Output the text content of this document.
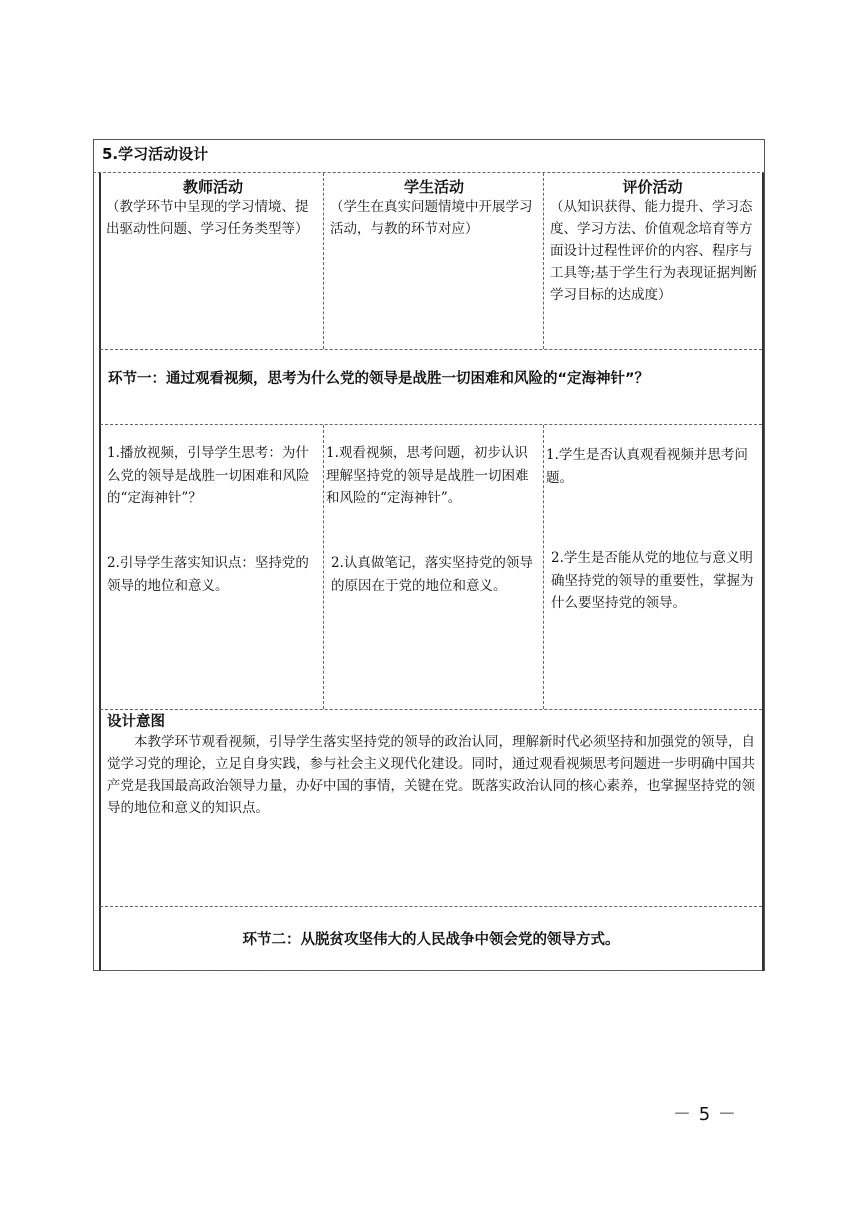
5.学习活动设计
教师活动
（教学环节中呈现的学习情境、提出驱动性问题、学习任务类型等）
学生活动
（学生在真实问题情境中开展学习活动，与教的环节对应）
评价活动
（从知识获得、能力提升、学习态度、学习方法、价值观念培育等方面设计过程性评价的内容、程序与工具等;基于学生行为表现证据判断学习目标的达成度）
环节一：通过观看视频，思考为什么党的领导是战胜一切困难和风险的“定海神针”？
1.播放视频，引导学生思考：为什么党的领导是战胜一切困难和风险的“定海神针”？
2.引导学生落实知识点：坚持党的领导的地位和意义。
1.观看视频，思考问题，初步认识理解坚持党的领导是战胜一切困难和风险的“定海神针”。
2.认真做笔记，落实坚持党的领导的原因在于党的地位和意义。
1.学生是否认真观看视频并思考问题。
2.学生是否能从党的地位与意义明确坚持党的领导的重要性，掌握为什么要坚持党的领导。
设计意图
本教学环节观看视频，引导学生落实坚持党的领导的政治认同，理解新时代必须坚持和加强党的领导，自觉学习党的理论，立足自身实践，参与社会主义现代化建设。同时，通过观看视频思考问题进一步明确中国共产党是我国最高政治领导力量，办好中国的事情，关键在党。既落实政治认同的核心素养，也掌握坚持党的领导的地位和意义的知识点。
环节二：从脱贫攻坚伟大的人民战争中领会党的领导方式。
－ 5 －
